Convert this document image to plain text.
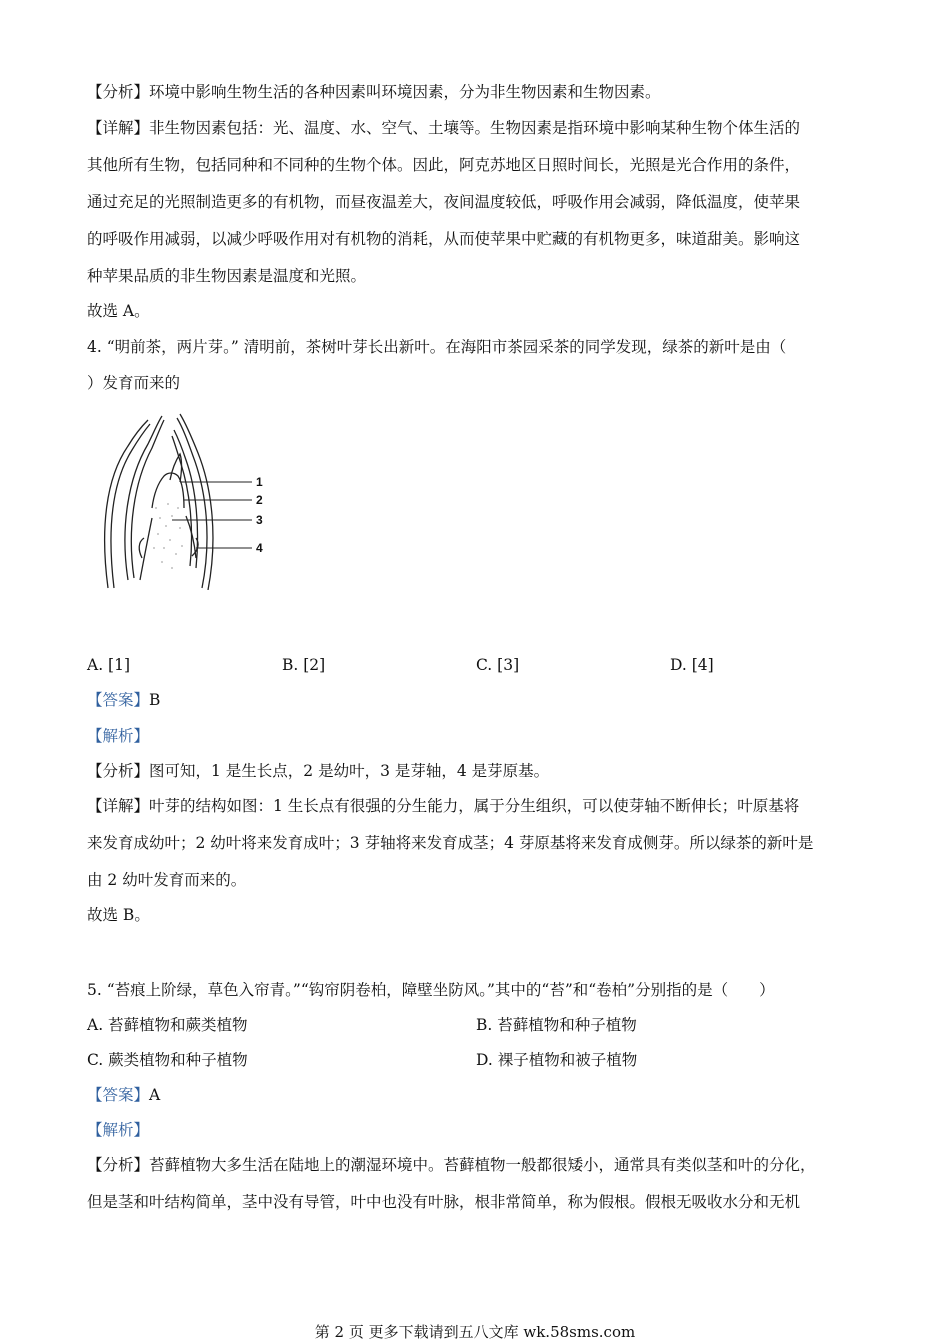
【分析】环境中影响生物生活的各种因素叫环境因素，分为非生物因素和生物因素。
【详解】非生物因素包括：光、温度、水、空气、土壤等。生物因素是指环境中影响某种生物个体生活的
其他所有生物，包括同种和不同种的生物个体。因此，阿克苏地区日照时间长，光照是光合作用的条件，
通过充足的光照制造更多的有机物，而昼夜温差大，夜间温度较低，呼吸作用会减弱，降低温度，使苹果
的呼吸作用减弱，以减少呼吸作用对有机物的消耗，从而使苹果中贮藏的有机物更多，味道甜美。影响这
种苹果品质的非生物因素是温度和光照。
故选 A。
4. “明前茶，两片芽。” 清明前，茶树叶芽长出新叶。在海阳市茶园采茶的同学发现，绿茶的新叶是由（
）发育而来的
1
2
3
4
A. [1]	B. [2]	C. [3]	D. [4]
【答案】B
【解析】
【分析】图可知，1 是生长点，2 是幼叶，3 是芽轴，4 是芽原基。
【详解】叶芽的结构如图：1 生长点有很强的分生能力，属于分生组织，可以使芽轴不断伸长；叶原基将
来发育成幼叶；2 幼叶将来发育成叶；3 芽轴将来发育成茎；4 芽原基将来发育成侧芽。所以绿茶的新叶是
由 2 幼叶发育而来的。
故选 B。
5. “苔痕上阶绿，草色入帘青。”“钩帘阴卷柏，障壁坐防风。”其中的“苔”和“卷柏”分别指的是（　　）
A. 苔藓植物和蕨类植物	B. 苔藓植物和种子植物
C. 蕨类植物和种子植物	D. 裸子植物和被子植物
【答案】A
【解析】
【分析】苔藓植物大多生活在陆地上的潮湿环境中。苔藓植物一般都很矮小，通常具有类似茎和叶的分化，
但是茎和叶结构简单，茎中没有导管，叶中也没有叶脉，根非常简单，称为假根。假根无吸收水分和无机
第 2 页 更多下载请到五八文库 wk.58sms.com
